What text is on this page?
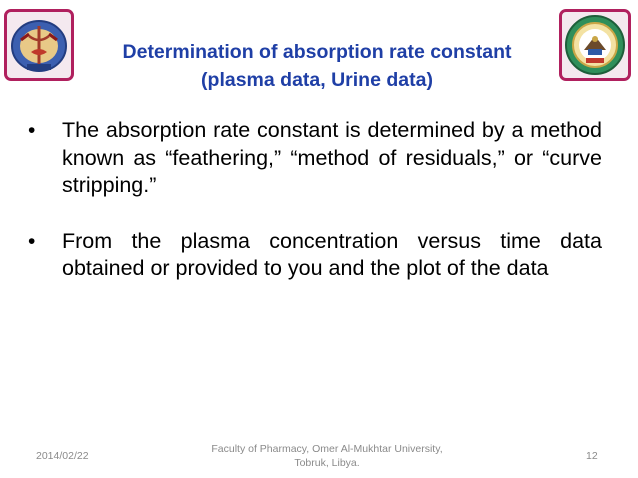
Determination of absorption rate constant
(plasma data, Urine data)
• The absorption rate constant is determined by a method known as “feathering,” “method of residuals,” or “curve stripping.”
• From the plasma concentration versus time data obtained or provided to you and the plot of the data
2014/02/22
Faculty of Pharmacy, Omer Al-Mukhtar University, Tobruk, Libya.
12
